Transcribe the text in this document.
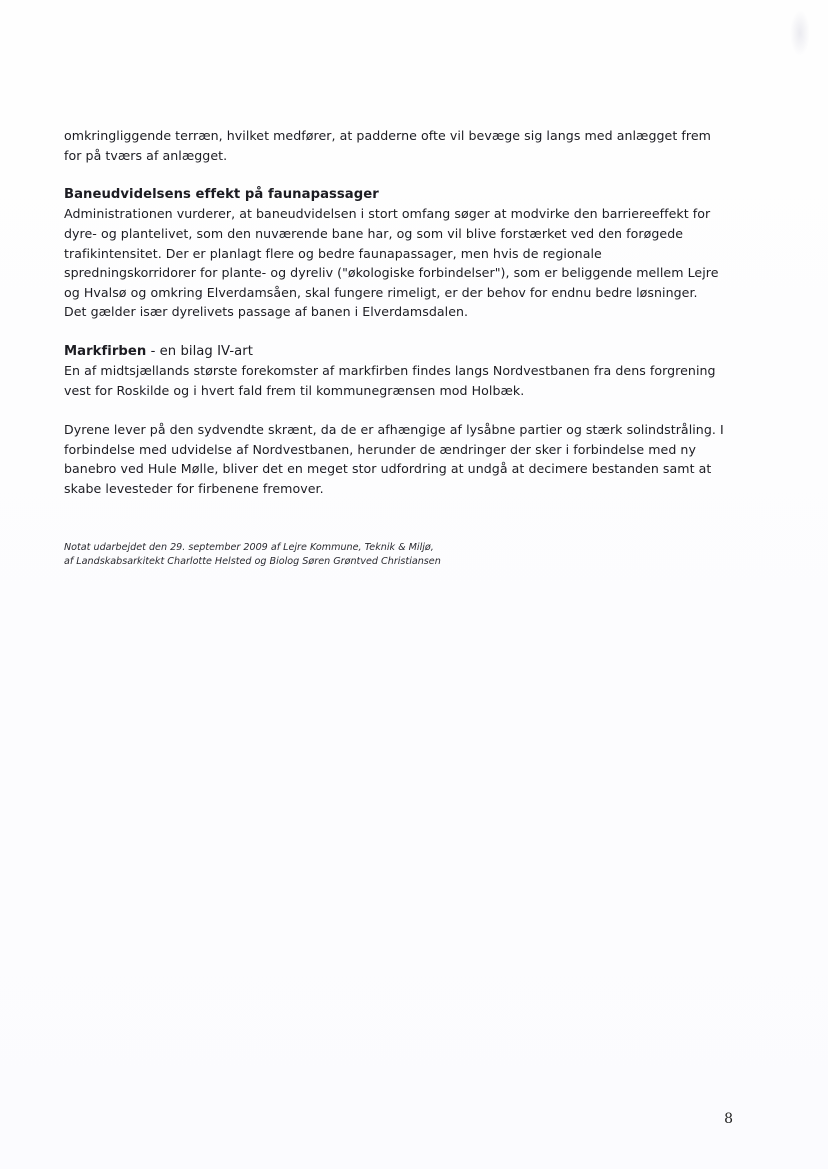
omkringliggende terræn, hvilket medfører, at padderne ofte vil bevæge sig langs med anlægget frem for på tværs af anlægget.

Baneudvidelsens effekt på faunapassager

Administrationen vurderer, at baneudvidelsen i stort omfang søger at modvirke den barriereeffekt for dyre- og plantelivet, som den nuværende bane har, og som vil blive forstærket ved den forøgede trafikintensitet. Der er planlagt flere og bedre faunapassager, men hvis de regionale spredningskorridorer for plante- og dyreliv ("økologiske forbindelser"), som er beliggende mellem Lejre og Hvalsø og omkring Elverdamsåen, skal fungere rimeligt, er der behov for endnu bedre løsninger. Det gælder især dyrelivets passage af banen i Elverdamsdalen.

Markfirben - en bilag IV-art

En af midtsjællands største forekomster af markfirben findes langs Nordvestbanen fra dens forgrening vest for Roskilde og i hvert fald frem til kommunegrænsen mod Holbæk.

Dyrene lever på den sydvendte skrænt, da de er afhængige af lysåbne partier og stærk solindstråling. I forbindelse med udvidelse af Nordvestbanen, herunder de ændringer der sker i forbindelse med ny banebro ved Hule Mølle, bliver det en meget stor udfordring at undgå at decimere bestanden samt at skabe levesteder for firbenene fremover.

Notat udarbejdet den 29. september 2009 af Lejre Kommune, Teknik & Miljø,
af Landskabsarkitekt Charlotte Helsted og Biolog Søren Grøntved Christiansen
8
